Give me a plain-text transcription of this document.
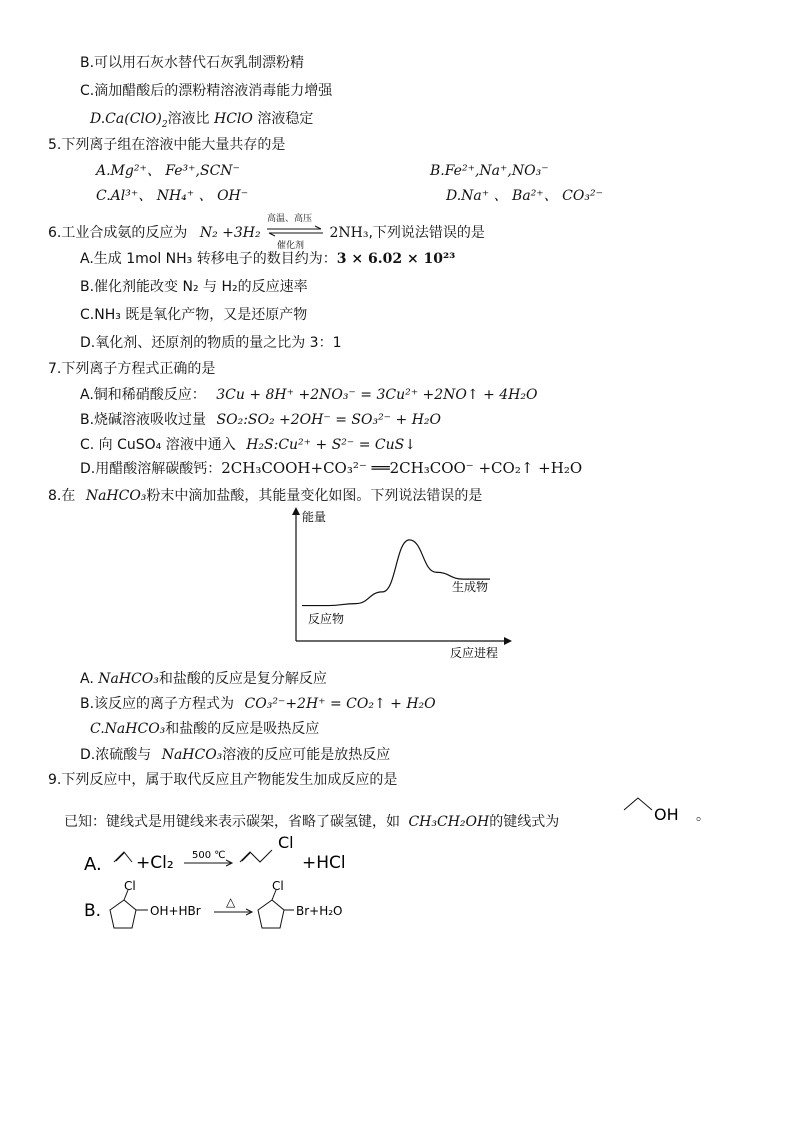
B.可以用石灰水替代石灰乳制漂粉精
C.滴加醋酸后的漂粉精溶液消毒能力增强
$D.Ca(ClO)_2$溶液比 HClO 溶液稳定
5.下列离子组在溶液中能大量共存的是
A.Mg²⁺、 Fe³⁺,SCN⁻	B.Fe²⁺,Na⁺,NO₃⁻
C.Al³⁺、 NH₄⁺ 、 OH⁻	D.Na⁺ 、 Ba²⁺、 CO₃²⁻
6.工业合成氨的反应为 N₂ +3H₂
高温、高压
催化剂
2NH₃,下列说法错误的是
A.生成 1mol NH₃ 转移电子的数目约为：3 × 6.02 × 10²³
B.催化剂能改变 N₂ 与 H₂的反应速率
C.NH₃ 既是氧化产物，又是还原产物
D.氧化剂、还原剂的物质的量之比为 3：1
7.下列离子方程式正确的是
A.铜和稀硝酸反应： 3Cu + 8H⁺ +2NO₃⁻ = 3Cu²⁺ +2NO↑ + 4H₂O
B.烧碱溶液吸收过量 SO₂:SO₂ +2OH⁻ = SO₃²⁻ + H₂O
C. 向 CuSO₄ 溶液中通入 H₂S:Cu²⁺ + S²⁻ = CuS↓
D.用醋酸溶解碳酸钙：2CH₃COOH+CO₃²⁻ ══2CH₃COO⁻ +CO₂↑ +H₂O
8.在 NaHCO₃粉末中滴加盐酸，其能量变化如图。下列说法错误的是
能量
反应进程
反应物
生成物
A. NaHCO₃和盐酸的反应是复分解反应
B.该反应的离子方程式为 CO₃²⁻+2H⁺ = CO₂↑ + H₂O
C.NaHCO₃和盐酸的反应是吸热反应
D.浓硫酸与 NaHCO₃溶液的反应可能是放热反应
9.下列反应中，属于取代反应且产物能发生加成反应的是
已知：键线式是用键线来表示碳架，省略了碳氢键，如 CH₃CH₂OH的键线式为	OH 。
A. +Cl₂ 500 ℃
Cl
+HCl
B.
Cl
OH+HBr
△
Cl
Br+H₂O
